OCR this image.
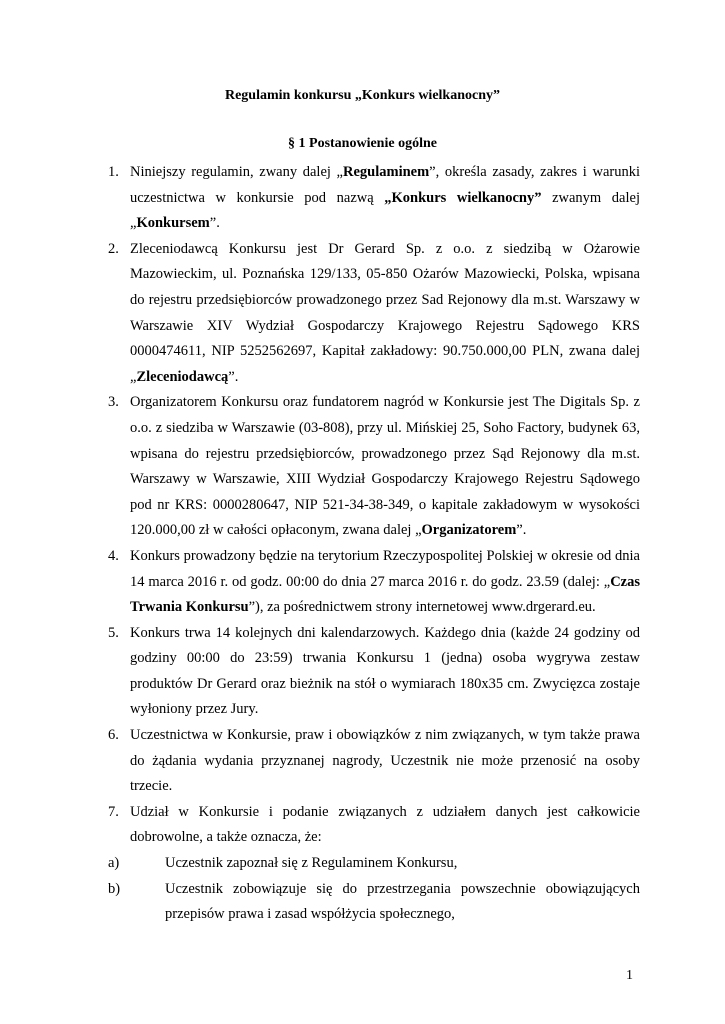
Regulamin konkursu „Konkurs wielkanocny”
§ 1 Postanowienie ogólne
1. Niniejszy regulamin, zwany dalej „Regulaminem”, określa zasady, zakres i warunki uczestnictwa w konkursie pod nazwą „Konkurs wielkanocny” zwanym dalej „Konkursem”.
2. Zleceniodawcą Konkursu jest Dr Gerard Sp. z o.o. z siedzibą w Ożarowie Mazowieckim, ul. Poznańska 129/133, 05-850 Ożarów Mazowiecki, Polska, wpisana do rejestru przedsiębiorców prowadzonego przez Sad Rejonowy dla m.st. Warszawy w Warszawie XIV Wydział Gospodarczy Krajowego Rejestru Sądowego KRS 0000474611, NIP 5252562697, Kapitał zakładowy: 90.750.000,00 PLN, zwana dalej „Zleceniodawcą”.
3. Organizatorem Konkursu oraz fundatorem nagród w Konkursie jest The Digitals Sp. z o.o. z siedziba w Warszawie (03-808), przy ul. Mińskiej 25, Soho Factory, budynek 63, wpisana do rejestru przedsiębiorców, prowadzonego przez Sąd Rejonowy dla m.st. Warszawy w Warszawie, XIII Wydział Gospodarczy Krajowego Rejestru Sądowego pod nr KRS: 0000280647, NIP 521-34-38-349, o kapitale zakładowym w wysokości 120.000,00 zł w całości opłaconym, zwana dalej „Organizatorem”.
4. Konkurs prowadzony będzie na terytorium Rzeczypospolitej Polskiej w okresie od dnia 14 marca 2016 r. od godz. 00:00 do dnia 27 marca 2016 r. do godz. 23.59 (dalej: „Czas Trwania Konkursu”), za pośrednictwem strony internetowej www.drgerard.eu.
5. Konkurs trwa 14 kolejnych dni kalendarzowych. Każdego dnia (każde 24 godziny od godziny 00:00 do 23:59) trwania Konkursu 1 (jedna) osoba wygrywa zestaw produktów Dr Gerard oraz bieżnik na stół o wymiarach 180x35 cm. Zwycięzca zostaje wyłoniony przez Jury.
6. Uczestnictwa w Konkursie, praw i obowiązków z nim związanych, w tym także prawa do żądania wydania przyznanej nagrody, Uczestnik nie może przenosić na osoby trzecie.
7. Udział w Konkursie i podanie związanych z udziałem danych jest całkowicie dobrowolne, a także oznacza, że:
a)	Uczestnik zapoznał się z Regulaminem Konkursu,
b)	Uczestnik zobowiązuje się do przestrzegania powszechnie obowiązujących przepisów prawa i zasad współżycia społecznego,
1
